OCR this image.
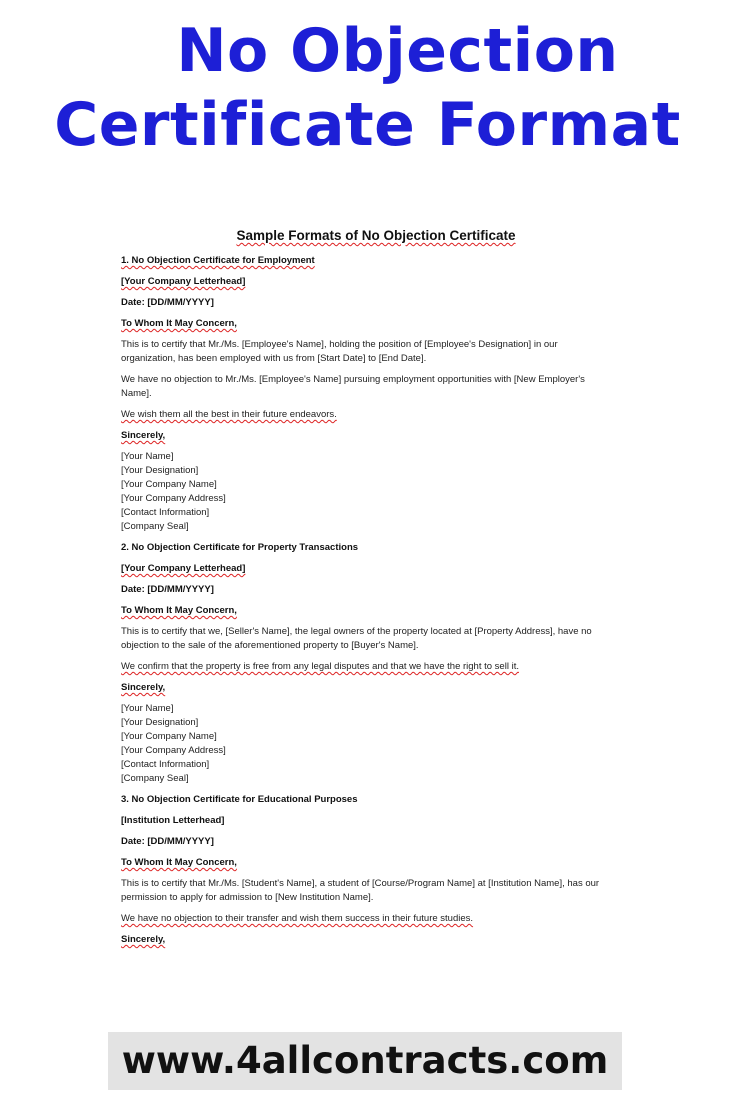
No Objection
Certificate Format
Sample Formats of No Objection Certificate

1. No Objection Certificate for Employment

[Your Company Letterhead]

Date: [DD/MM/YYYY]

To Whom It May Concern,

This is to certify that Mr./Ms. [Employee's Name], holding the position of [Employee's Designation] in our organization, has been employed with us from [Start Date] to [End Date].

We have no objection to Mr./Ms. [Employee's Name] pursuing employment opportunities with [New Employer's Name].

We wish them all the best in their future endeavors.

Sincerely,

[Your Name]
[Your Designation]
[Your Company Name]
[Your Company Address]
[Contact Information]
[Company Seal]

2. No Objection Certificate for Property Transactions

[Your Company Letterhead]

Date: [DD/MM/YYYY]

To Whom It May Concern,

This is to certify that we, [Seller's Name], the legal owners of the property located at [Property Address], have no objection to the sale of the aforementioned property to [Buyer's Name].

We confirm that the property is free from any legal disputes and that we have the right to sell it.

Sincerely,

[Your Name]
[Your Designation]
[Your Company Name]
[Your Company Address]
[Contact Information]
[Company Seal]

3. No Objection Certificate for Educational Purposes

[Institution Letterhead]

Date: [DD/MM/YYYY]

To Whom It May Concern,

This is to certify that Mr./Ms. [Student's Name], a student of [Course/Program Name] at [Institution Name], has our permission to apply for admission to [New Institution Name].

We have no objection to their transfer and wish them success in their future studies.

Sincerely,

www.4allcontracts.com
